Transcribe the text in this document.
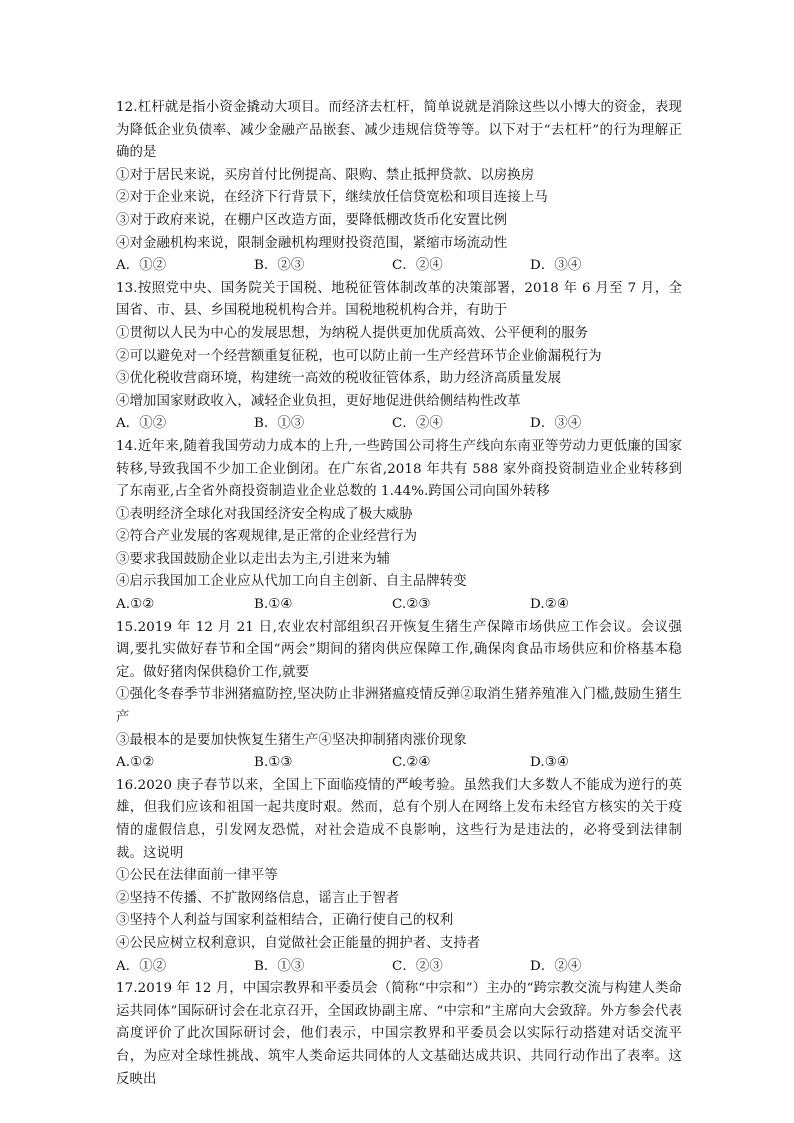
12.杠杆就是指小资金撬动大项目。而经济去杠杆，简单说就是消除这些以小博大的资金，表现为降低企业负债率、减少金融产品嵌套、减少违规信贷等等。以下对于“去杠杆”的行为理解正确的是
①对于居民来说，买房首付比例提高、限购、禁止抵押贷款、以房换房
②对于企业来说，在经济下行背景下，继续放任信贷宽松和项目连接上马
③对于政府来说，在棚户区改造方面，要降低棚改货币化安置比例
④对金融机构来说，限制金融机构理财投资范围，紧缩市场流动性
A．①②	B．②③	C．②④	D．③④
13.按照党中央、国务院关于国税、地税征管体制改革的决策部署，2018 年 6 月至 7 月，全国省、市、县、乡国税地税机构合并。国税地税机构合并，有助于
①贯彻以人民为中心的发展思想，为纳税人提供更加优质高效、公平便利的服务
②可以避免对一个经营额重复征税，也可以防止前一生产经营环节企业偷漏税行为
③优化税收营商环境，构建统一高效的税收征管体系，助力经济高质量发展
④增加国家财政收入，减轻企业负担，更好地促进供给侧结构性改革
A．①②	B．①③	C．②④	D．③④
14.近年来,随着我国劳动力成本的上升,一些跨国公司将生产线向东南亚等劳动力更低廉的国家转移,导致我国不少加工企业倒闭。在广东省,2018 年共有 588 家外商投资制造业企业转移到了东南亚,占全省外商投资制造业企业总数的 1.44%.跨国公司向国外转移
①表明经济全球化对我国经济安全构成了极大威胁
②符合产业发展的客观规律,是正常的企业经营行为
③要求我国鼓励企业以走出去为主,引进来为辅
④启示我国加工企业应从代加工向自主创新、自主品牌转变
A.①②	B.①④	C.②③	D.②④
15.2019 年 12 月 21 日,农业农村部组织召开恢复生猪生产保障市场供应工作会议。会议强调,要扎实做好春节和全国“两会”期间的猪肉供应保障工作,确保肉食品市场供应和价格基本稳定。做好猪肉保供稳价工作,就要
①强化冬春季节非洲猪瘟防控,坚决防止非洲猪瘟疫情反弹②取消生猪养殖准入门槛,鼓励生猪生产
③最根本的是要加快恢复生猪生产④坚决抑制猪肉涨价现象
A.①②	B.①③	C.②④	D.③④
16.2020 庚子春节以来，全国上下面临疫情的严峻考验。虽然我们大多数人不能成为逆行的英雄，但我们应该和祖国一起共度时艰。然而，总有个别人在网络上发布未经官方核实的关于疫情的虚假信息，引发网友恐慌，对社会造成不良影响，这些行为是违法的，必将受到法律制裁。这说明
①公民在法律面前一律平等
②坚持不传播、不扩散网络信息，谣言止于智者
③坚持个人利益与国家利益相结合，正确行使自己的权利
④公民应树立权利意识，自觉做社会正能量的拥护者、支持者
A．①②	B．①③	C．②③	D．②④
17.2019 年 12 月，中国宗教界和平委员会（简称“中宗和”）主办的“跨宗教交流与构建人类命运共同体”国际研讨会在北京召开，全国政协副主席、“中宗和”主席向大会致辞。外方参会代表高度评价了此次国际研讨会，他们表示，中国宗教界和平委员会以实际行动搭建对话交流平台，为应对全球性挑战、筑牢人类命运共同体的人文基础达成共识、共同行动作出了表率。这反映出
